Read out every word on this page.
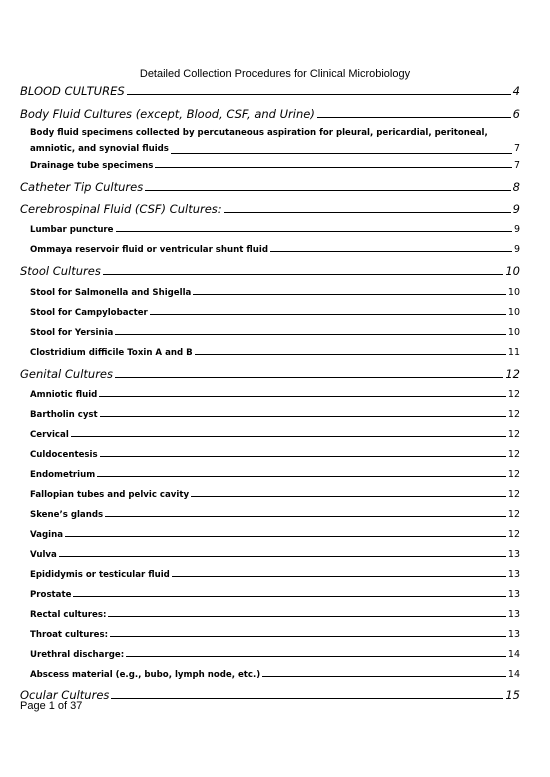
Detailed Collection Procedures for Clinical Microbiology
BLOOD CULTURES	4
Body Fluid Cultures (except, Blood, CSF, and Urine)	6
Body fluid specimens collected by percutaneous aspiration for pleural, pericardial, peritoneal,
amniotic, and synovial fluids	7
Drainage tube specimens	7
Catheter Tip Cultures	8
Cerebrospinal Fluid (CSF) Cultures:	9
Lumbar puncture	9
Ommaya reservoir fluid or ventricular shunt fluid	9
Stool Cultures	10
Stool for Salmonella and Shigella	10
Stool for Campylobacter	10
Stool for Yersinia	10
Clostridium difficile Toxin A and B	11
Genital Cultures	12
Amniotic fluid	12
Bartholin cyst	12
Cervical	12
Culdocentesis	12
Endometrium	12
Fallopian tubes and pelvic cavity	12
Skene’s glands	12
Vagina	12
Vulva	13
Epididymis or testicular fluid	13
Prostate	13
Rectal cultures:	13
Throat cultures:	13
Urethral discharge:	14
Abscess material (e.g., bubo, lymph node, etc.)	14
Ocular Cultures	15
Page 1 of 37
